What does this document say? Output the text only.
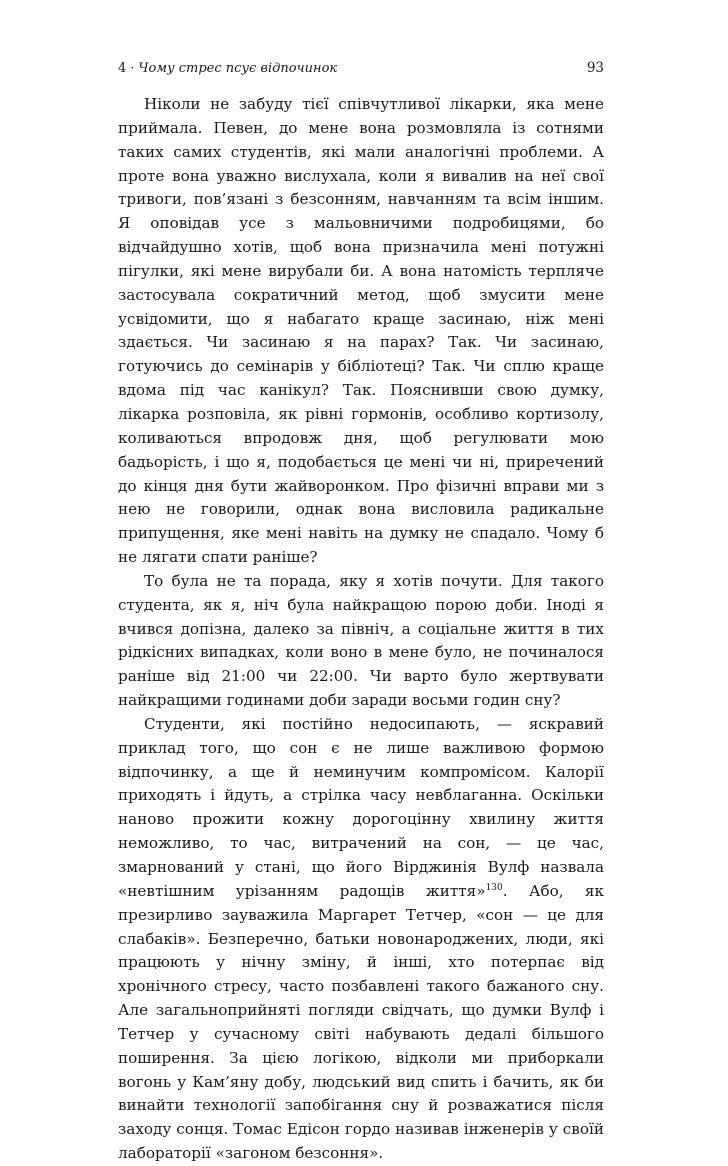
4 · Чому стрес псує відпочинок	93

Ніколи не забуду тієї співчутливої лікарки, яка мене приймала. Певен, до мене вона розмовляла із сотнями таких самих студентів, які мали аналогічні проблеми. А проте вона уважно вислухала, коли я вивалив на неї свої тривоги, пов’язані з безсонням, навчанням та всім іншим. Я оповідав усе з мальовничими подробицями, бо відчайдушно хотів, щоб вона призначила мені потужні пігулки, які мене вирубали би. А вона натомість терпляче застосувала сократичний метод, щоб змусити мене усвідомити, що я набагато краще засинаю, ніж мені здається. Чи засинаю я на парах? Так. Чи засинаю, готуючись до семінарів у бібліотеці? Так. Чи сплю краще вдома під час канікул? Так. Пояснивши свою думку, лікарка розповіла, як рівні гормонів, особливо кортизолу, коливаються впродовж дня, щоб регулювати мою бадьорість, і що я, подобається це мені чи ні, приречений до кінця дня бути жайворонком. Про фізичні вправи ми з нею не говорили, однак вона висловила радикальне припущення, яке мені навіть на думку не спадало. Чому б не лягати спати раніше?

То була не та порада, яку я хотів почути. Для такого студента, як я, ніч була найкращою порою доби. Іноді я вчився допізна, далеко за північ, а соціальне життя в тих рідкісних випадках, коли воно в мене було, не починалося раніше від 21:00 чи 22:00. Чи варто було жертвувати найкращими годинами доби заради восьми годин сну?

Студенти, які постійно недосипають, — яскравий приклад того, що сон є не лише важливою формою відпочинку, а ще й неминучим компромісом. Калорії приходять і йдуть, а стрілка часу невблаганна. Оскільки наново прожити кожну дорогоцінну хвилину життя неможливо, то час, витрачений на сон, — це час, змарнований у стані, що його Вірджинія Вулф назвала «невтішним урізанням радощів життя»$^{130}$. Або, як презирливо зауважила Маргарет Тетчер, «сон — це для слабаків». Безперечно, батьки новонароджених, люди, які працюють у нічну зміну, й інші, хто потерпає від хронічного стресу, часто позбавлені такого бажаного сну. Але загальноприйняті погляди свідчать, що думки Вулф і Тетчер у сучасному світі набувають дедалі більшого поширення. За цією логікою, відколи ми приборкали вогонь у Кам’яну добу, людський вид спить і бачить, як би винайти технології запобігання сну й розважатися після заходу сонця. Томас Едісон гордо називав інженерів у своїй лабораторії «загоном безсоння».
